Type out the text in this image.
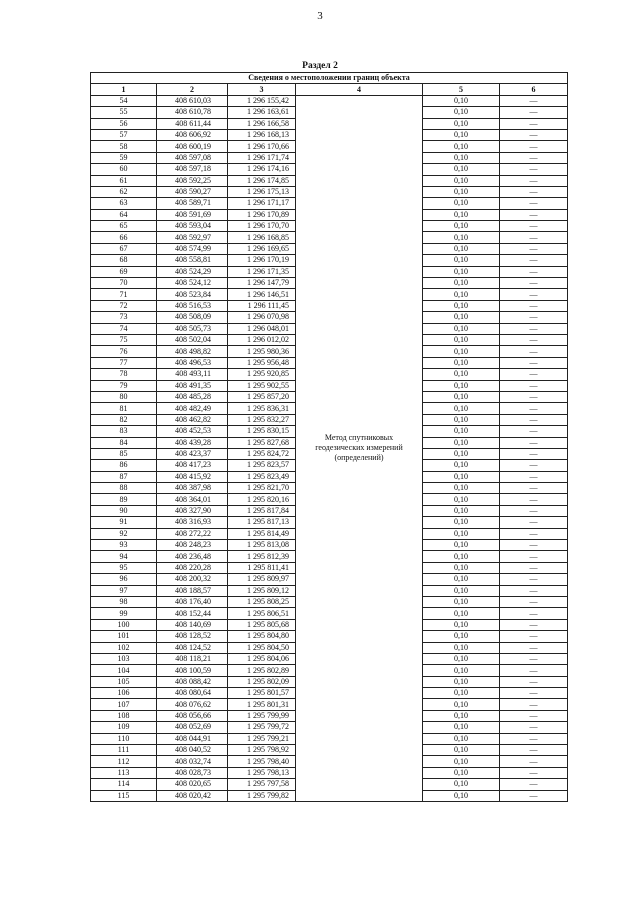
3
Раздел 2
Сведения о местоположении границ объекта					
1	2	3	4	5	6
54	408 610,03	1 296 155,42	Метод спутниковых геодезических измерений (определений)	0,10	—
55	408 610,78	1 296 163,61		0,10	—
56	408 611,44	1 296 166,58		0,10	—
57	408 606,92	1 296 168,13		0,10	—
58	408 600,19	1 296 170,66		0,10	—
59	408 597,08	1 296 171,74		0,10	—
60	408 597,18	1 296 174,16		0,10	—
61	408 592,25	1 296 174,85		0,10	—
62	408 590,27	1 296 175,13		0,10	—
63	408 589,71	1 296 171,17		0,10	—
64	408 591,69	1 296 170,89		0,10	—
65	408 593,04	1 296 170,70		0,10	—
66	408 592,97	1 296 168,85		0,10	—
67	408 574,99	1 296 169,65		0,10	—
68	408 558,81	1 296 170,19		0,10	—
69	408 524,29	1 296 171,35		0,10	—
70	408 524,12	1 296 147,79		0,10	—
71	408 523,84	1 296 146,51		0,10	—
72	408 516,53	1 296 111,45		0,10	—
73	408 508,09	1 296 070,98		0,10	—
74	408 505,73	1 296 048,01		0,10	—
75	408 502,04	1 296 012,02		0,10	—
76	408 498,82	1 295 980,36		0,10	—
77	408 496,53	1 295 956,48		0,10	—
78	408 493,11	1 295 920,85		0,10	—
79	408 491,35	1 295 902,55		0,10	—
80	408 485,28	1 295 857,20		0,10	—
81	408 482,49	1 295 836,31		0,10	—
82	408 462,82	1 295 832,27		0,10	—
83	408 452,53	1 295 830,15		0,10	—
84	408 439,28	1 295 827,68		0,10	—
85	408 423,37	1 295 824,72		0,10	—
86	408 417,23	1 295 823,57		0,10	—
87	408 415,92	1 295 823,49		0,10	—
88	408 387,98	1 295 821,70		0,10	—
89	408 364,01	1 295 820,16		0,10	—
90	408 327,90	1 295 817,84		0,10	—
91	408 316,93	1 295 817,13		0,10	—
92	408 272,22	1 295 814,49		0,10	—
93	408 248,23	1 295 813,08		0,10	—
94	408 236,48	1 295 812,39		0,10	—
95	408 220,28	1 295 811,41		0,10	—
96	408 200,32	1 295 809,97		0,10	—
97	408 188,57	1 295 809,12		0,10	—
98	408 176,40	1 295 808,25		0,10	—
99	408 152,44	1 295 806,51		0,10	—
100	408 140,69	1 295 805,68		0,10	—
101	408 128,52	1 295 804,80		0,10	—
102	408 124,52	1 295 804,50		0,10	—
103	408 118,21	1 295 804,06		0,10	—
104	408 100,59	1 295 802,89		0,10	—
105	408 088,42	1 295 802,09		0,10	—
106	408 080,64	1 295 801,57		0,10	—
107	408 076,62	1 295 801,31		0,10	—
108	408 056,66	1 295 799,99		0,10	—
109	408 052,69	1 295 799,72		0,10	—
110	408 044,91	1 295 799,21		0,10	—
111	408 040,52	1 295 798,92		0,10	—
112	408 032,74	1 295 798,40		0,10	—
113	408 028,73	1 295 798,13		0,10	—
114	408 020,65	1 295 797,58		0,10	—
115	408 020,42	1 295 799,82		0,10	—
